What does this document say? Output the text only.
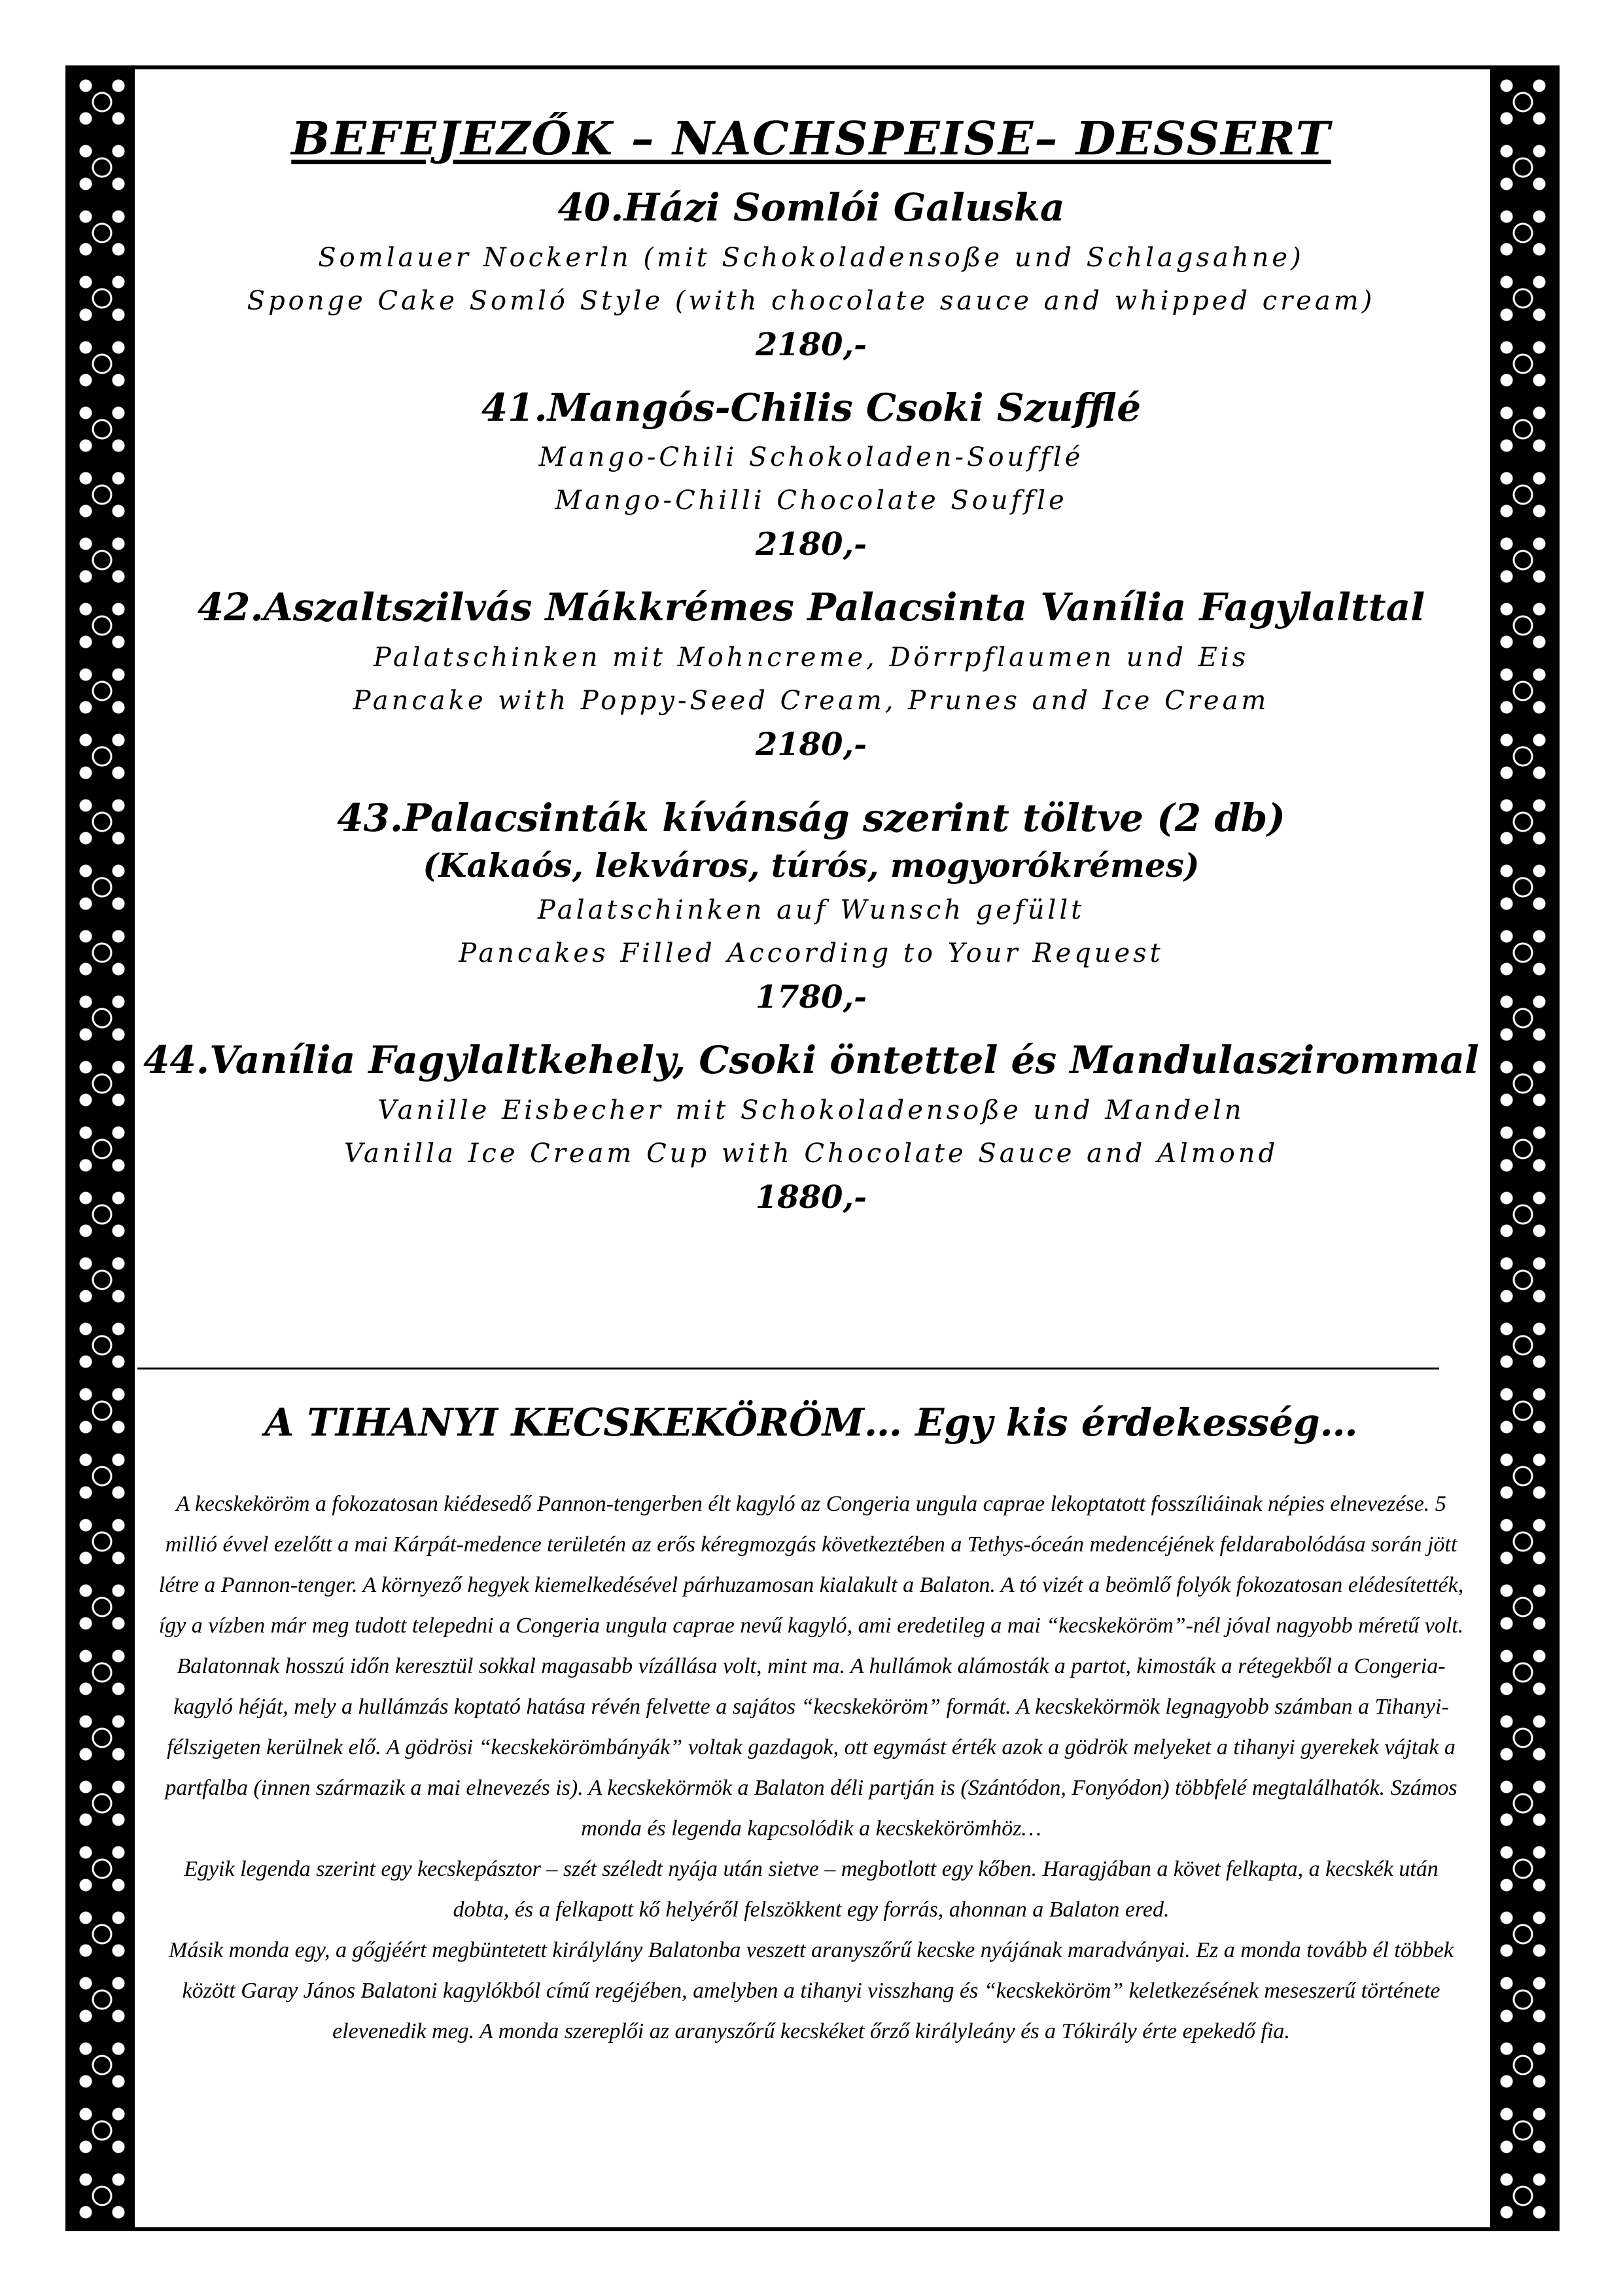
BEFEJEZŐK – NACHSPEISE– DESSERT

40.Házi Somlói Galuska

Somlauer Nockerln (mit Schokoladensoße und Schlagsahne)

Sponge Cake Somló Style (with chocolate sauce and whipped cream)

2180,-

41.Mangós-Chilis Csoki Szufflé

Mango-Chili Schokoladen-Soufflé

Mango-Chilli Chocolate Souffle

2180,-

42.Aszaltszilvás Mákkrémes Palacsinta Vanília Fagylalttal

Palatschinken mit Mohncreme, Dörrpflaumen und Eis

Pancake with Poppy-Seed Cream, Prunes and Ice Cream

2180,-

43.Palacsinták kívánság szerint töltve (2 db)

(Kakaós, lekváros, túrós, mogyorókrémes)

Palatschinken auf Wunsch gefüllt

Pancakes Filled According to Your Request

1780,-

44.Vanília Fagylaltkehely, Csoki öntettel és Mandulaszirommal

Vanille Eisbecher mit Schokoladensoße und Mandeln

Vanilla Ice Cream Cup with Chocolate Sauce and Almond

1880,-

A TIHANYI KECSKEKÖRÖM… Egy kis érdekesség…

A kecskeköröm a fokozatosan kiédesedő Pannon-tengerben élt kagyló az Congeria ungula caprae lekoptatott fosszíliáinak népies elnevezése. 5 millió évvel ezelőtt a mai Kárpát-medence területén az erős kéregmozgás következtében a Tethys-óceán medencéjének feldarabolódása során jött létre a Pannon-tenger. A környező hegyek kiemelkedésével párhuzamosan kialakult a Balaton. A tó vizét a beömlő folyók fokozatosan elédesítették, így a vízben már meg tudott telepedni a Congeria ungula caprae nevű kagyló, ami eredetileg a mai “kecskeköröm”-nél jóval nagyobb méretű volt. Balatonnak hosszú időn keresztül sokkal magasabb vízállása volt, mint ma. A hullámok alámosták a partot, kimosták a rétegekből a Congeria-kagyló héját, mely a hullámzás koptató hatása révén felvette a sajátos “kecskeköröm” formát. A kecskekörmök legnagyobb számban a Tihanyi-félszigeten kerülnek elő. A gödrösi “kecskekörömbányák” voltak gazdagok, ott egymást érték azok a gödrök melyeket a tihanyi gyerekek vájtak a partfalba (innen származik a mai elnevezés is). A kecskekörmök a Balaton déli partján is (Szántódon, Fonyódon) többfelé megtalálhatók. Számos monda és legenda kapcsolódik a kecskekörömhöz…

Egyik legenda szerint egy kecskepásztor – szét széledt nyája után sietve – megbotlott egy kőben. Haragjában a követ felkapta, a kecskék után dobta, és a felkapott kő helyéről felszökkent egy forrás, ahonnan a Balaton ered.

Másik monda egy, a gőgjéért megbüntetett királylány Balatonba veszett aranyszőrű kecske nyájának maradványai. Ez a monda tovább él többek között Garay János Balatoni kagylókból című regéjében, amelyben a tihanyi visszhang és “kecskeköröm” keletkezésének meseszerű története elevenedik meg. A monda szereplői az aranyszőrű kecskéket őrző királyleány és a Tókirály érte epekedő fia.
